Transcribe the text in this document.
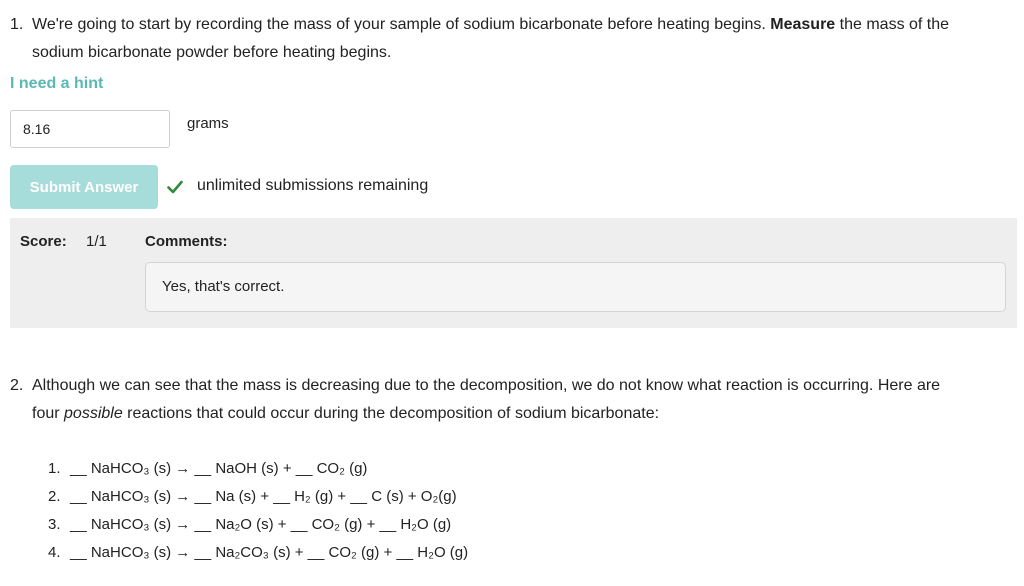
1. We're going to start by recording the mass of your sample of sodium bicarbonate before heating begins. Measure the mass of the
sodium bicarbonate powder before heating begins.
I need a hint
8.16
grams
Submit Answer	unlimited submissions remaining
Score: 1/1	Comments:
Yes, that's correct.
2. Although we can see that the mass is decreasing due to the decomposition, we do not know what reaction is occurring. Here are
four possible reactions that could occur during the decomposition of sodium bicarbonate:
1. __ NaHCO₃ (s) → __ NaOH (s) + __ CO₂ (g)
2. __ NaHCO₃ (s) → __ Na (s) + __ H₂ (g) + __ C (s) + O₂(g)
3. __ NaHCO₃ (s) → __ Na₂O (s) + __ CO₂ (g) + __ H₂O (g)
4. __ NaHCO₃ (s) → __ Na₂CO₃ (s) + __ CO₂ (g) + __ H₂O (g)
